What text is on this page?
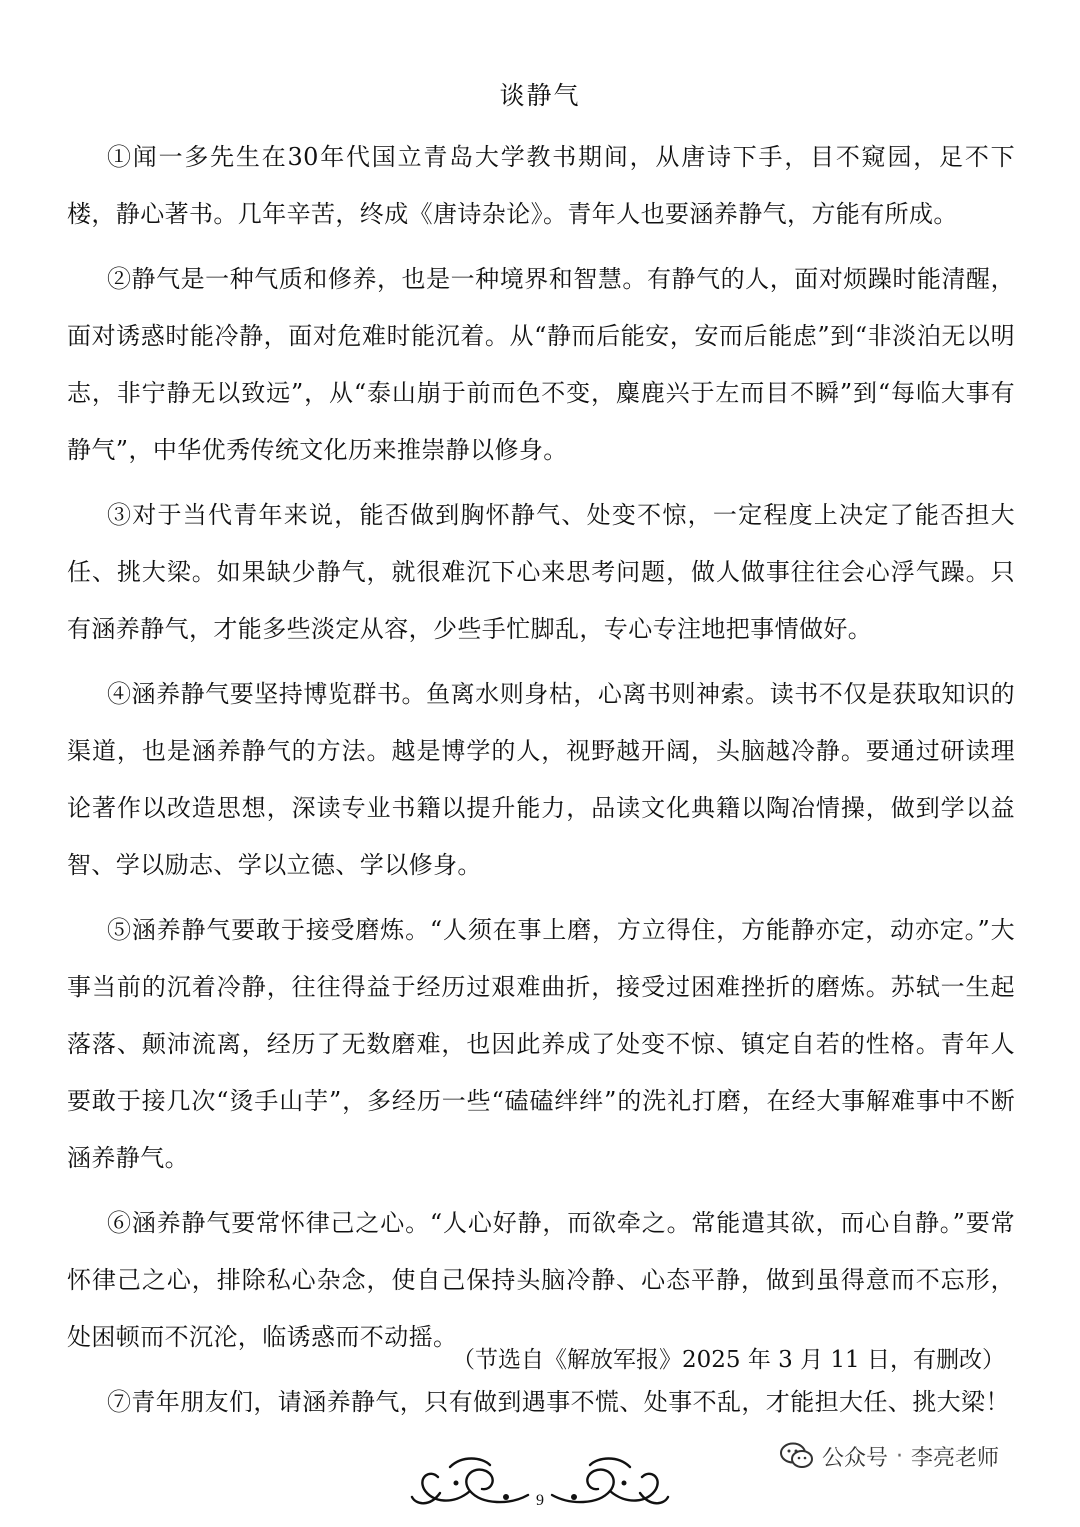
谈静气

①闻一多先生在30年代国立青岛大学教书期间，从唐诗下手，目不窥园，足不下楼，静心著书。几年辛苦，终成《唐诗杂论》。青年人也要涵养静气，方能有所成。

②静气是一种气质和修养，也是一种境界和智慧。有静气的人，面对烦躁时能清醒，面对诱惑时能冷静，面对危难时能沉着。从“静而后能安，安而后能虑”到“非淡泊无以明志，非宁静无以致远”，从“泰山崩于前而色不变，麋鹿兴于左而目不瞬”到“每临大事有静气”，中华优秀传统文化历来推崇静以修身。

③对于当代青年来说，能否做到胸怀静气、处变不惊，一定程度上决定了能否担大任、挑大梁。如果缺少静气，就很难沉下心来思考问题，做人做事往往会心浮气躁。只有涵养静气，才能多些淡定从容，少些手忙脚乱，专心专注地把事情做好。

④涵养静气要坚持博览群书。鱼离水则身枯，心离书则神索。读书不仅是获取知识的渠道，也是涵养静气的方法。越是博学的人，视野越开阔，头脑越冷静。要通过研读理论著作以改造思想，深读专业书籍以提升能力，品读文化典籍以陶冶情操，做到学以益智、学以励志、学以立德、学以修身。

⑤涵养静气要敢于接受磨炼。“人须在事上磨，方立得住，方能静亦定，动亦定。”大事当前的沉着冷静，往往得益于经历过艰难曲折，接受过困难挫折的磨炼。苏轼一生起落落、颠沛流离，经历了无数磨难，也因此养成了处变不惊、镇定自若的性格。青年人要敢于接几次“烫手山芋”，多经历一些“磕磕绊绊”的洗礼打磨，在经大事解难事中不断涵养静气。

⑥涵养静气要常怀律己之心。“人心好静，而欲牵之。常能遣其欲，而心自静。”要常怀律己之心，排除私心杂念，使自己保持头脑冷静、心态平静，做到虽得意而不忘形，处困顿而不沉沦，临诱惑而不动摇。

⑦青年朋友们，请涵养静气，只有做到遇事不慌、处事不乱，才能担大任、挑大梁！

（节选自《解放军报》2025 年 3 月 11 日，有删改）
9
公众号 · 李亮老师
